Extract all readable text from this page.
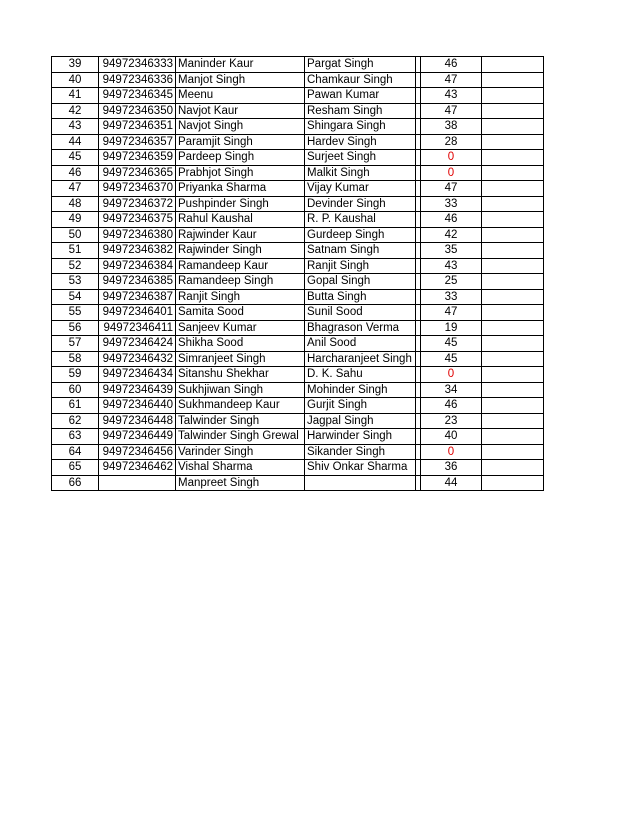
39	94972346333	Maninder Kaur	Pargat Singh		46	
40	94972346336	Manjot Singh	Chamkaur Singh		47	
41	94972346345	Meenu	Pawan Kumar		43	
42	94972346350	Navjot Kaur	Resham Singh		47	
43	94972346351	Navjot Singh	Shingara Singh		38	
44	94972346357	Paramjit Singh	Hardev Singh		28	
45	94972346359	Pardeep Singh	Surjeet Singh		0	
46	94972346365	Prabhjot Singh	Malkit Singh		0	
47	94972346370	Priyanka Sharma	Vijay Kumar		47	
48	94972346372	Pushpinder Singh	Devinder Singh		33	
49	94972346375	Rahul Kaushal	R. P. Kaushal		46	
50	94972346380	Rajwinder Kaur	Gurdeep Singh		42	
51	94972346382	Rajwinder Singh	Satnam Singh		35	
52	94972346384	Ramandeep Kaur	Ranjit Singh		43	
53	94972346385	Ramandeep Singh	Gopal Singh		25	
54	94972346387	Ranjit Singh	Butta Singh		33	
55	94972346401	Samita Sood	Sunil Sood		47	
56	94972346411	Sanjeev Kumar	Bhagrason Verma		19	
57	94972346424	Shikha Sood	Anil Sood		45	
58	94972346432	Simranjeet Singh	Harcharanjeet Singh		45	
59	94972346434	Sitanshu Shekhar	D. K. Sahu		0	
60	94972346439	Sukhjiwan Singh	Mohinder Singh		34	
61	94972346440	Sukhmandeep Kaur	Gurjit Singh		46	
62	94972346448	Talwinder Singh	Jagpal Singh		23	
63	94972346449	Talwinder Singh Grewal	Harwinder Singh		40	
64	94972346456	Varinder Singh	Sikander Singh		0	
65	94972346462	Vishal Sharma	Shiv Onkar Sharma		36	
66		Manpreet Singh			44	
